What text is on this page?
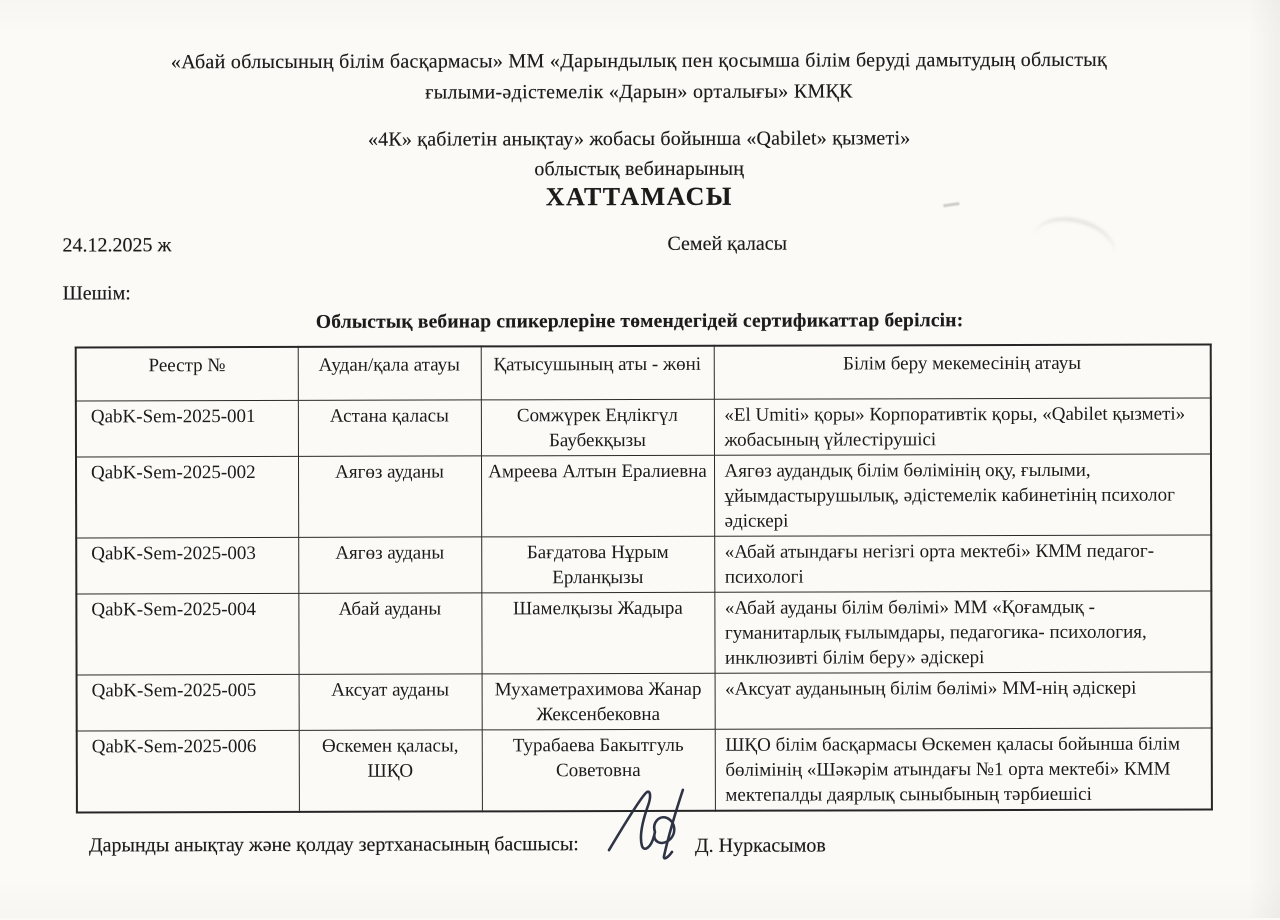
«Абай облысының білім басқармасы» ММ «Дарындылық пен қосымша білім беруді дамытудың облыстық
ғылыми-әдістемелік «Дарын» орталығы» КМҚК
«4К» қабілетін анықтау» жобасы бойынша «Qabilet» қызметі»
облыстық вебинарының
ХАТТАМАСЫ
24.12.2025 ж	Семей қаласы
Шешім:
Облыстық вебинар спикерлеріне төмендегідей сертификаттар берілсін:
Реестр №	Аудан/қала атауы	Қатысушының аты - жөні	Білім беру мекемесінің атауы
QabK-Sem-2025-001	Астана қаласы	Сомжүрек Еңлікгүл Баубекқызы	«El Umiti» қоры» Корпоративтік қоры, «Qabilet қызметі» жобасының үйлестірушісі
QabK-Sem-2025-002	Аягөз ауданы	Амреева Алтын Ералиевна	Аягөз аудандық білім бөлімінің оқу, ғылыми, ұйымдастырушылық, әдістемелік кабинетінің психолог әдіскері
QabK-Sem-2025-003	Аягөз ауданы	Бағдатова Нұрым Ерланқызы	«Абай атындағы негізгі орта мектебі» КММ педагог-психологі
QabK-Sem-2025-004	Абай ауданы	Шамелқызы Жадыра	«Абай ауданы білім бөлімі» ММ «Қоғамдық - гуманитарлық ғылымдары, педагогика- психология, инклюзивті білім беру» әдіскері
QabK-Sem-2025-005	Аксуат ауданы	Мухаметрахимова Жанар Жексенбековна	«Аксуат ауданының білім бөлімі» ММ-нің әдіскері
QabK-Sem-2025-006	Өскемен қаласы, ШҚО	Турабаева Бакытгуль Советовна	ШҚО білім басқармасы Өскемен қаласы бойынша білім бөлімінің «Шәкәрім атындағы №1 орта мектебі» КММ мектепалды даярлық сыныбының тәрбиешісі
Дарынды анықтау және қолдау зертханасының басшысы:	Д. Нуркасымов
